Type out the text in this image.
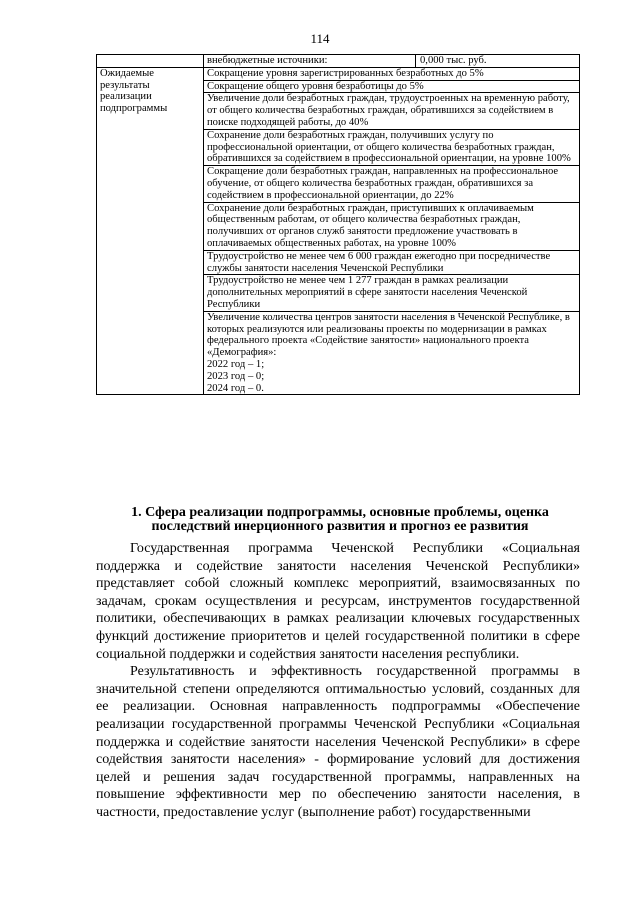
114

	внебюджетные источники: 0,000 тыс. руб.

Ожидаемые
результаты
реализации
подпрограммы	Сокращение уровня зарегистрированных безработных до 5%
	Сокращение общего уровня безработицы до 5%
	Увеличение доли безработных граждан, трудоустроенных на временную работу, от общего количества безработных граждан, обратившихся за содействием в поиске подходящей работы, до 40%
	Сохранение доли безработных граждан, получивших услугу по профессиональной ориентации, от общего количества безработных граждан, обратившихся за содействием в профессиональной ориентации, на уровне 100%
	Сокращение доли безработных граждан, направленных на профессиональное обучение, от общего количества безработных граждан, обратившихся за содействием в профессиональной ориентации, до 22%
	Сохранение доли безработных граждан, приступивших к оплачиваемым общественным работам, от общего количества безработных граждан, получивших от органов служб занятости предложение участвовать в оплачиваемых общественных работах, на уровне 100%
	Трудоустройство не менее чем 6 000 граждан ежегодно при посредничестве службы занятости населения Чеченской Республики
	Трудоустройство не менее чем 1 277 граждан в рамках реализации дополнительных мероприятий в сфере занятости населения Чеченской Республики

	Увеличение количества центров занятости населения в Чеченской Республике, в которых реализуются или реализованы проекты по модернизации в рамках федерального проекта «Содействие занятости» национального проекта «Демография»:
2022 год – 1;
2023 год – 0;
2024 год – 0.
1. Сфера реализации подпрограммы, основные проблемы, оценка последствий инерционного развития и прогноз ее развития

Государственная программа Чеченской Республики «Социальная поддержка и содействие занятости населения Чеченской Республики» представляет собой сложный комплекс мероприятий, взаимосвязанных по задачам, срокам осуществления и ресурсам, инструментов государственной политики, обеспечивающих в рамках реализации ключевых государственных функций достижение приоритетов и целей государственной политики в сфере социальной поддержки и содействия занятости населения республики.

Результативность и эффективность государственной программы в значительной степени определяются оптимальностью условий, созданных для ее реализации. Основная направленность подпрограммы «Обеспечение реализации государственной программы Чеченской Республики «Социальная поддержка и содействие занятости населения Чеченской Республики» в сфере содействия занятости населения» - формирование условий для достижения целей и решения задач государственной программы, направленных на повышение эффективности мер по обеспечению занятости населения, в частности, предоставление услуг (выполнение работ) государственными
